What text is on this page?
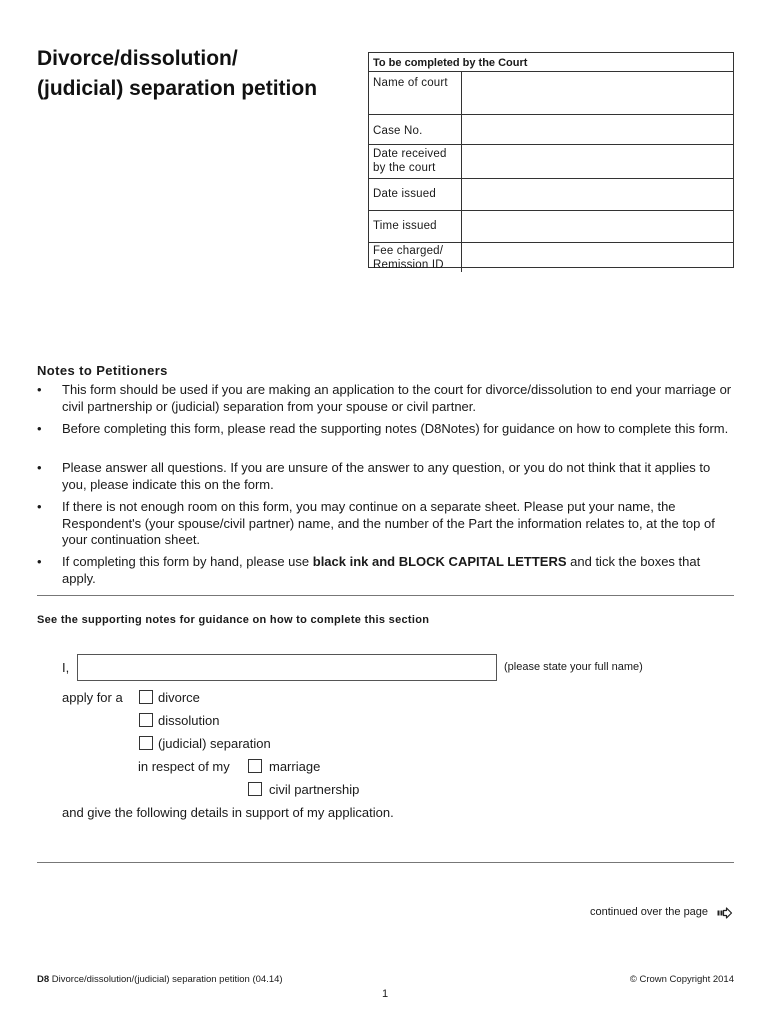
Divorce/dissolution/
(judicial) separation petition
To be completed by the Court
Name of court
Case No.
Date received
by the court
Date issued
Time issued
Fee charged/
Remission ID
Notes to Petitioners
• This form should be used if you are making an application to the court for divorce/dissolution to end your marriage or civil partnership or (judicial) separation from your spouse or civil partner.
• Before completing this form, please read the supporting notes (D8Notes) for guidance on how to complete this form.
• Please answer all questions. If you are unsure of the answer to any question, or you do not think that it applies to you, please indicate this on the form.
• If there is not enough room on this form, you may continue on a separate sheet. Please put your name, the Respondent's (your spouse/civil partner) name, and the number of the Part the information relates to, at the top of your continuation sheet.
• If completing this form by hand, please use black ink and BLOCK CAPITAL LETTERS and tick the boxes that apply.
See the supporting notes for guidance on how to complete this section
I,	(please state your full name)
apply for a	divorce
dissolution
(judicial) separation
in respect of my	marriage
civil partnership
and give the following details in support of my application.
continued over the page
D8 Divorce/dissolution/(judicial) separation petition (04.14)	© Crown Copyright 2014
1
